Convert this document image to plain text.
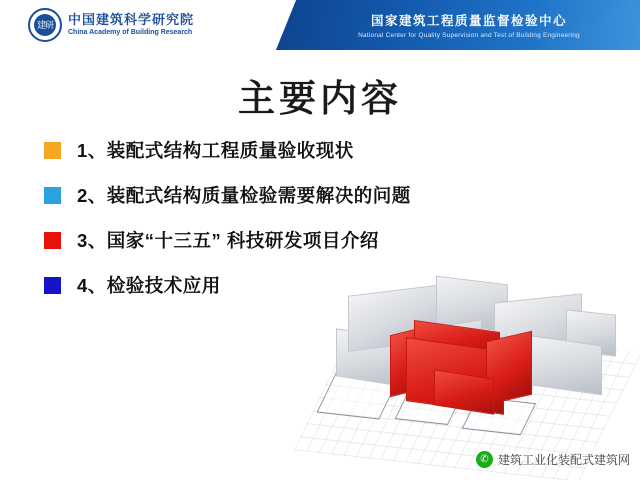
建研 中国建筑科学研究院
China Academy of Building Research
国家建筑工程质量监督检验中心
National Center for Quality Supervision and Test of Building Engineering
主要内容
1、装配式结构工程质量验收现状
2、装配式结构质量检验需要解决的问题
3、国家“十三五” 科技研发项目介绍
4、检验技术应用
✆ 建筑工业化装配式建筑网
